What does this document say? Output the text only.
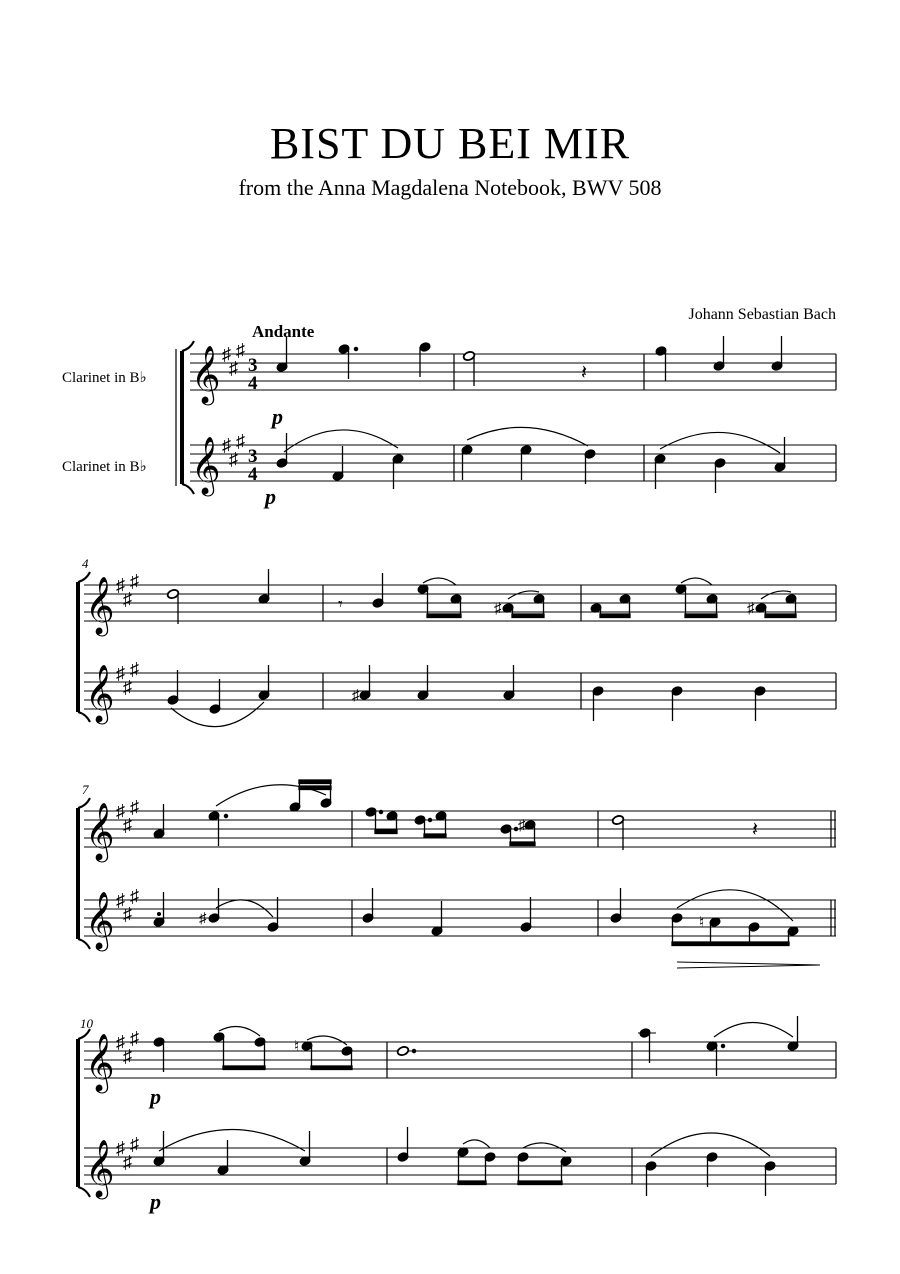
BIST DU BEI MIR
from the Anna Magdalena Notebook, BWV 508
Johann Sebastian Bach
Andante
Clarinet in B♭
Clarinet in B♭
𝄞
𝄞
♯
♯
♯
♯
♯
♯
3
4
3
4
𝄽
p
p
4
𝄞
𝄞
♯
♯
♯
♯
♯
♯
𝄾	♯	♯
♯
7
𝄞
𝄞
♯
♯
♯
♯
♯
♯
♯	𝄽
♯	♮
10
𝄞
𝄞
♯
♯
♯
♯
♯
♯
♮
p
p
